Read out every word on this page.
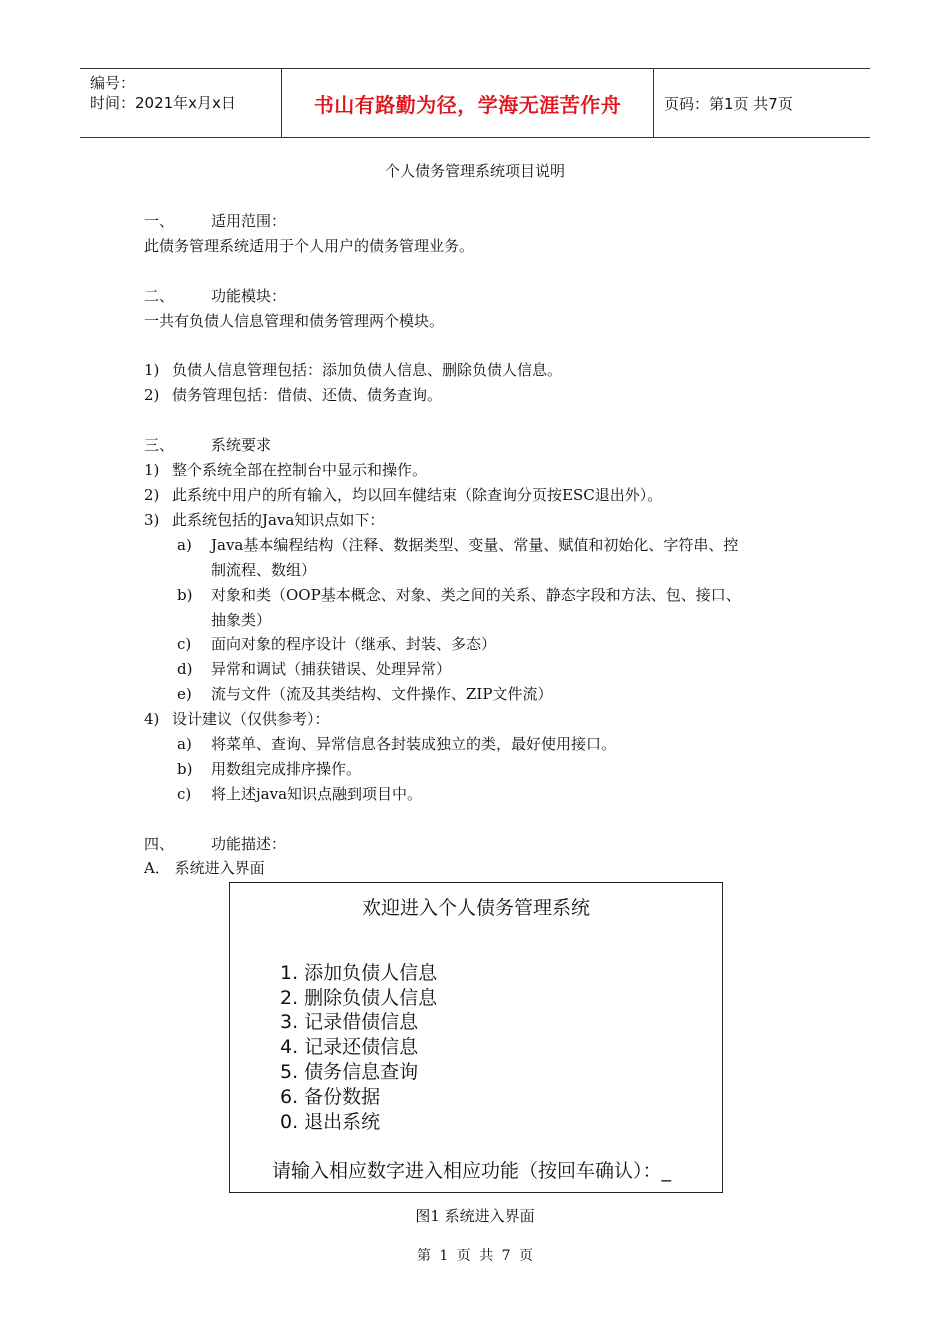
编号：
时间：2021年x月x日	书山有路勤为径，学海无涯苦作舟	页码：第1页 共7页
个人债务管理系统项目说明
一、 适用范围：
此债务管理系统适用于个人用户的债务管理业务。
二、 功能模块：
一共有负债人信息管理和债务管理两个模块。
1) 负债人信息管理包括：添加负债人信息、删除负债人信息。
2) 债务管理包括：借债、还债、债务查询。
三、 系统要求
1) 整个系统全部在控制台中显示和操作。
2) 此系统中用户的所有输入，均以回车健结束（除查询分页按ESC退出外）。
3) 此系统包括的Java知识点如下：
a) Java基本编程结构（注释、数据类型、变量、常量、赋值和初始化、字符串、控
制流程、数组）
b) 对象和类（OOP基本概念、对象、类之间的关系、静态字段和方法、包、接口、
抽象类）
c) 面向对象的程序设计（继承、封装、多态）
d) 异常和调试（捕获错误、处理异常）
e) 流与文件（流及其类结构、文件操作、ZIP文件流）
4) 设计建议（仅供参考）：
a) 将菜单、查询、异常信息各封装成独立的类，最好使用接口。
b) 用数组完成排序操作。
c) 将上述java知识点融到项目中。
四、 功能描述：
A． 系统进入界面
欢迎进入个人债务管理系统
1. 添加负债人信息
2. 删除负债人信息
3. 记录借债信息
4. 记录还债信息
5. 债务信息查询
6. 备份数据
0. 退出系统
请输入相应数字进入相应功能（按回车确认）：_
图1 系统进入界面
第 1 页 共 7 页
